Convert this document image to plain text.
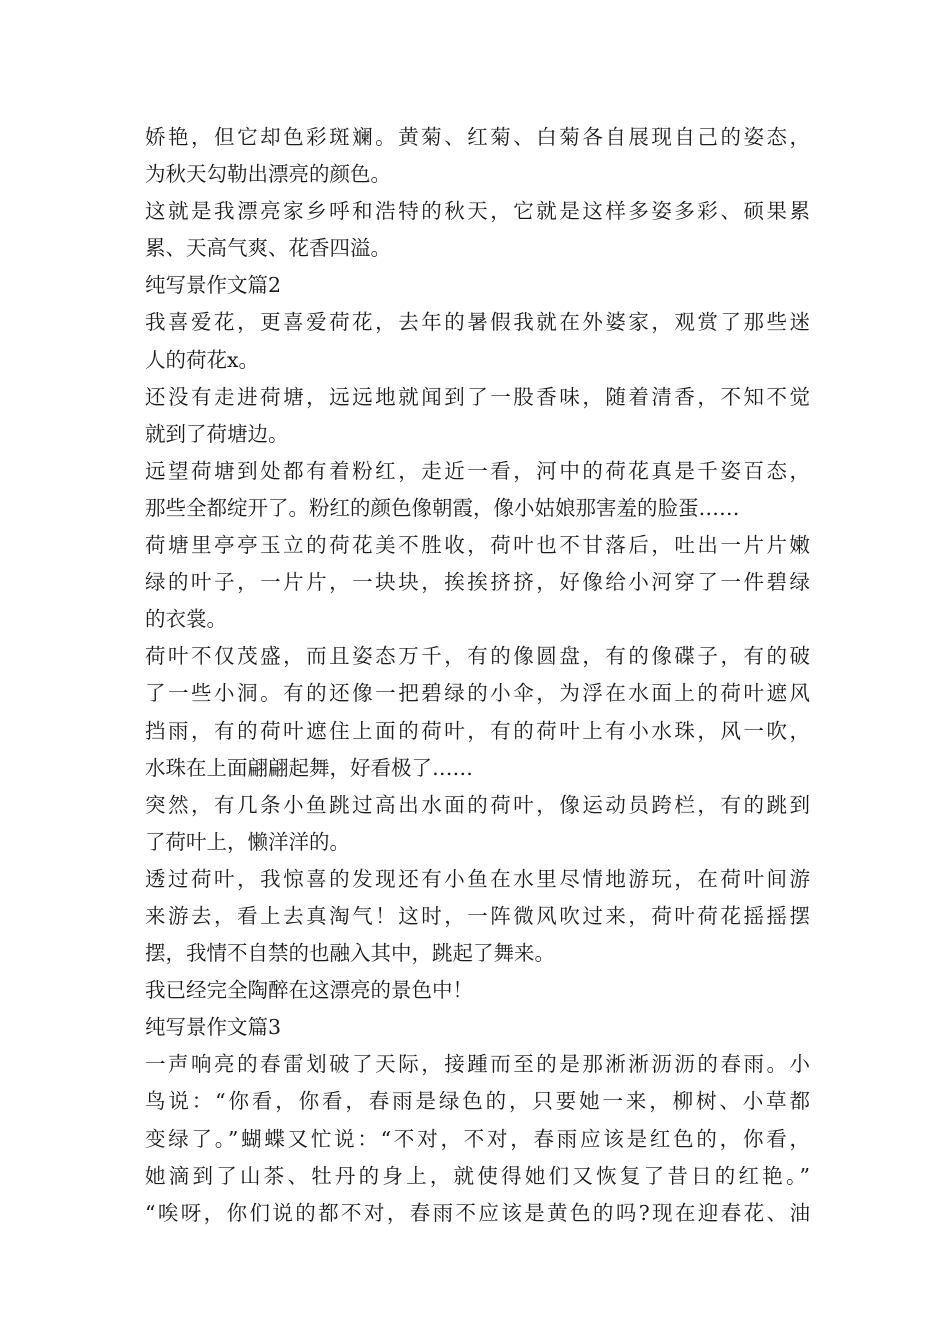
娇艳，但它却色彩斑斓。黄菊、红菊、白菊各自展现自己的姿态，
为秋天勾勒出漂亮的颜色。
这就是我漂亮家乡呼和浩特的秋天，它就是这样多姿多彩、硕果累
累、天高气爽、花香四溢。
纯写景作文篇2
我喜爱花，更喜爱荷花，去年的暑假我就在外婆家，观赏了那些迷
人的荷花x。
还没有走进荷塘，远远地就闻到了一股香味，随着清香，不知不觉
就到了荷塘边。
远望荷塘到处都有着粉红，走近一看，河中的荷花真是千姿百态，
那些全都绽开了。粉红的颜色像朝霞，像小姑娘那害羞的脸蛋……
荷塘里亭亭玉立的荷花美不胜收，荷叶也不甘落后，吐出一片片嫩
绿的叶子，一片片，一块块，挨挨挤挤，好像给小河穿了一件碧绿
的衣裳。
荷叶不仅茂盛，而且姿态万千，有的像圆盘，有的像碟子，有的破
了一些小洞。有的还像一把碧绿的小伞，为浮在水面上的荷叶遮风
挡雨，有的荷叶遮住上面的荷叶，有的荷叶上有小水珠，风一吹，
水珠在上面翩翩起舞，好看极了……
突然，有几条小鱼跳过高出水面的荷叶，像运动员跨栏，有的跳到
了荷叶上，懒洋洋的。
透过荷叶，我惊喜的发现还有小鱼在水里尽情地游玩，在荷叶间游
来游去，看上去真淘气！这时，一阵微风吹过来，荷叶荷花摇摇摆
摆，我情不自禁的也融入其中，跳起了舞来。
我已经完全陶醉在这漂亮的景色中！
纯写景作文篇3
一声响亮的春雷划破了天际，接踵而至的是那淅淅沥沥的春雨。小
鸟说：“你看，你看，春雨是绿色的，只要她一来，柳树、小草都
变绿了。”蝴蝶又忙说：“不对，不对，春雨应该是红色的，你看，
她滴到了山茶、牡丹的身上，就使得她们又恢复了昔日的红艳。”
“唉呀，你们说的都不对，春雨不应该是黄色的吗?现在迎春花、油
